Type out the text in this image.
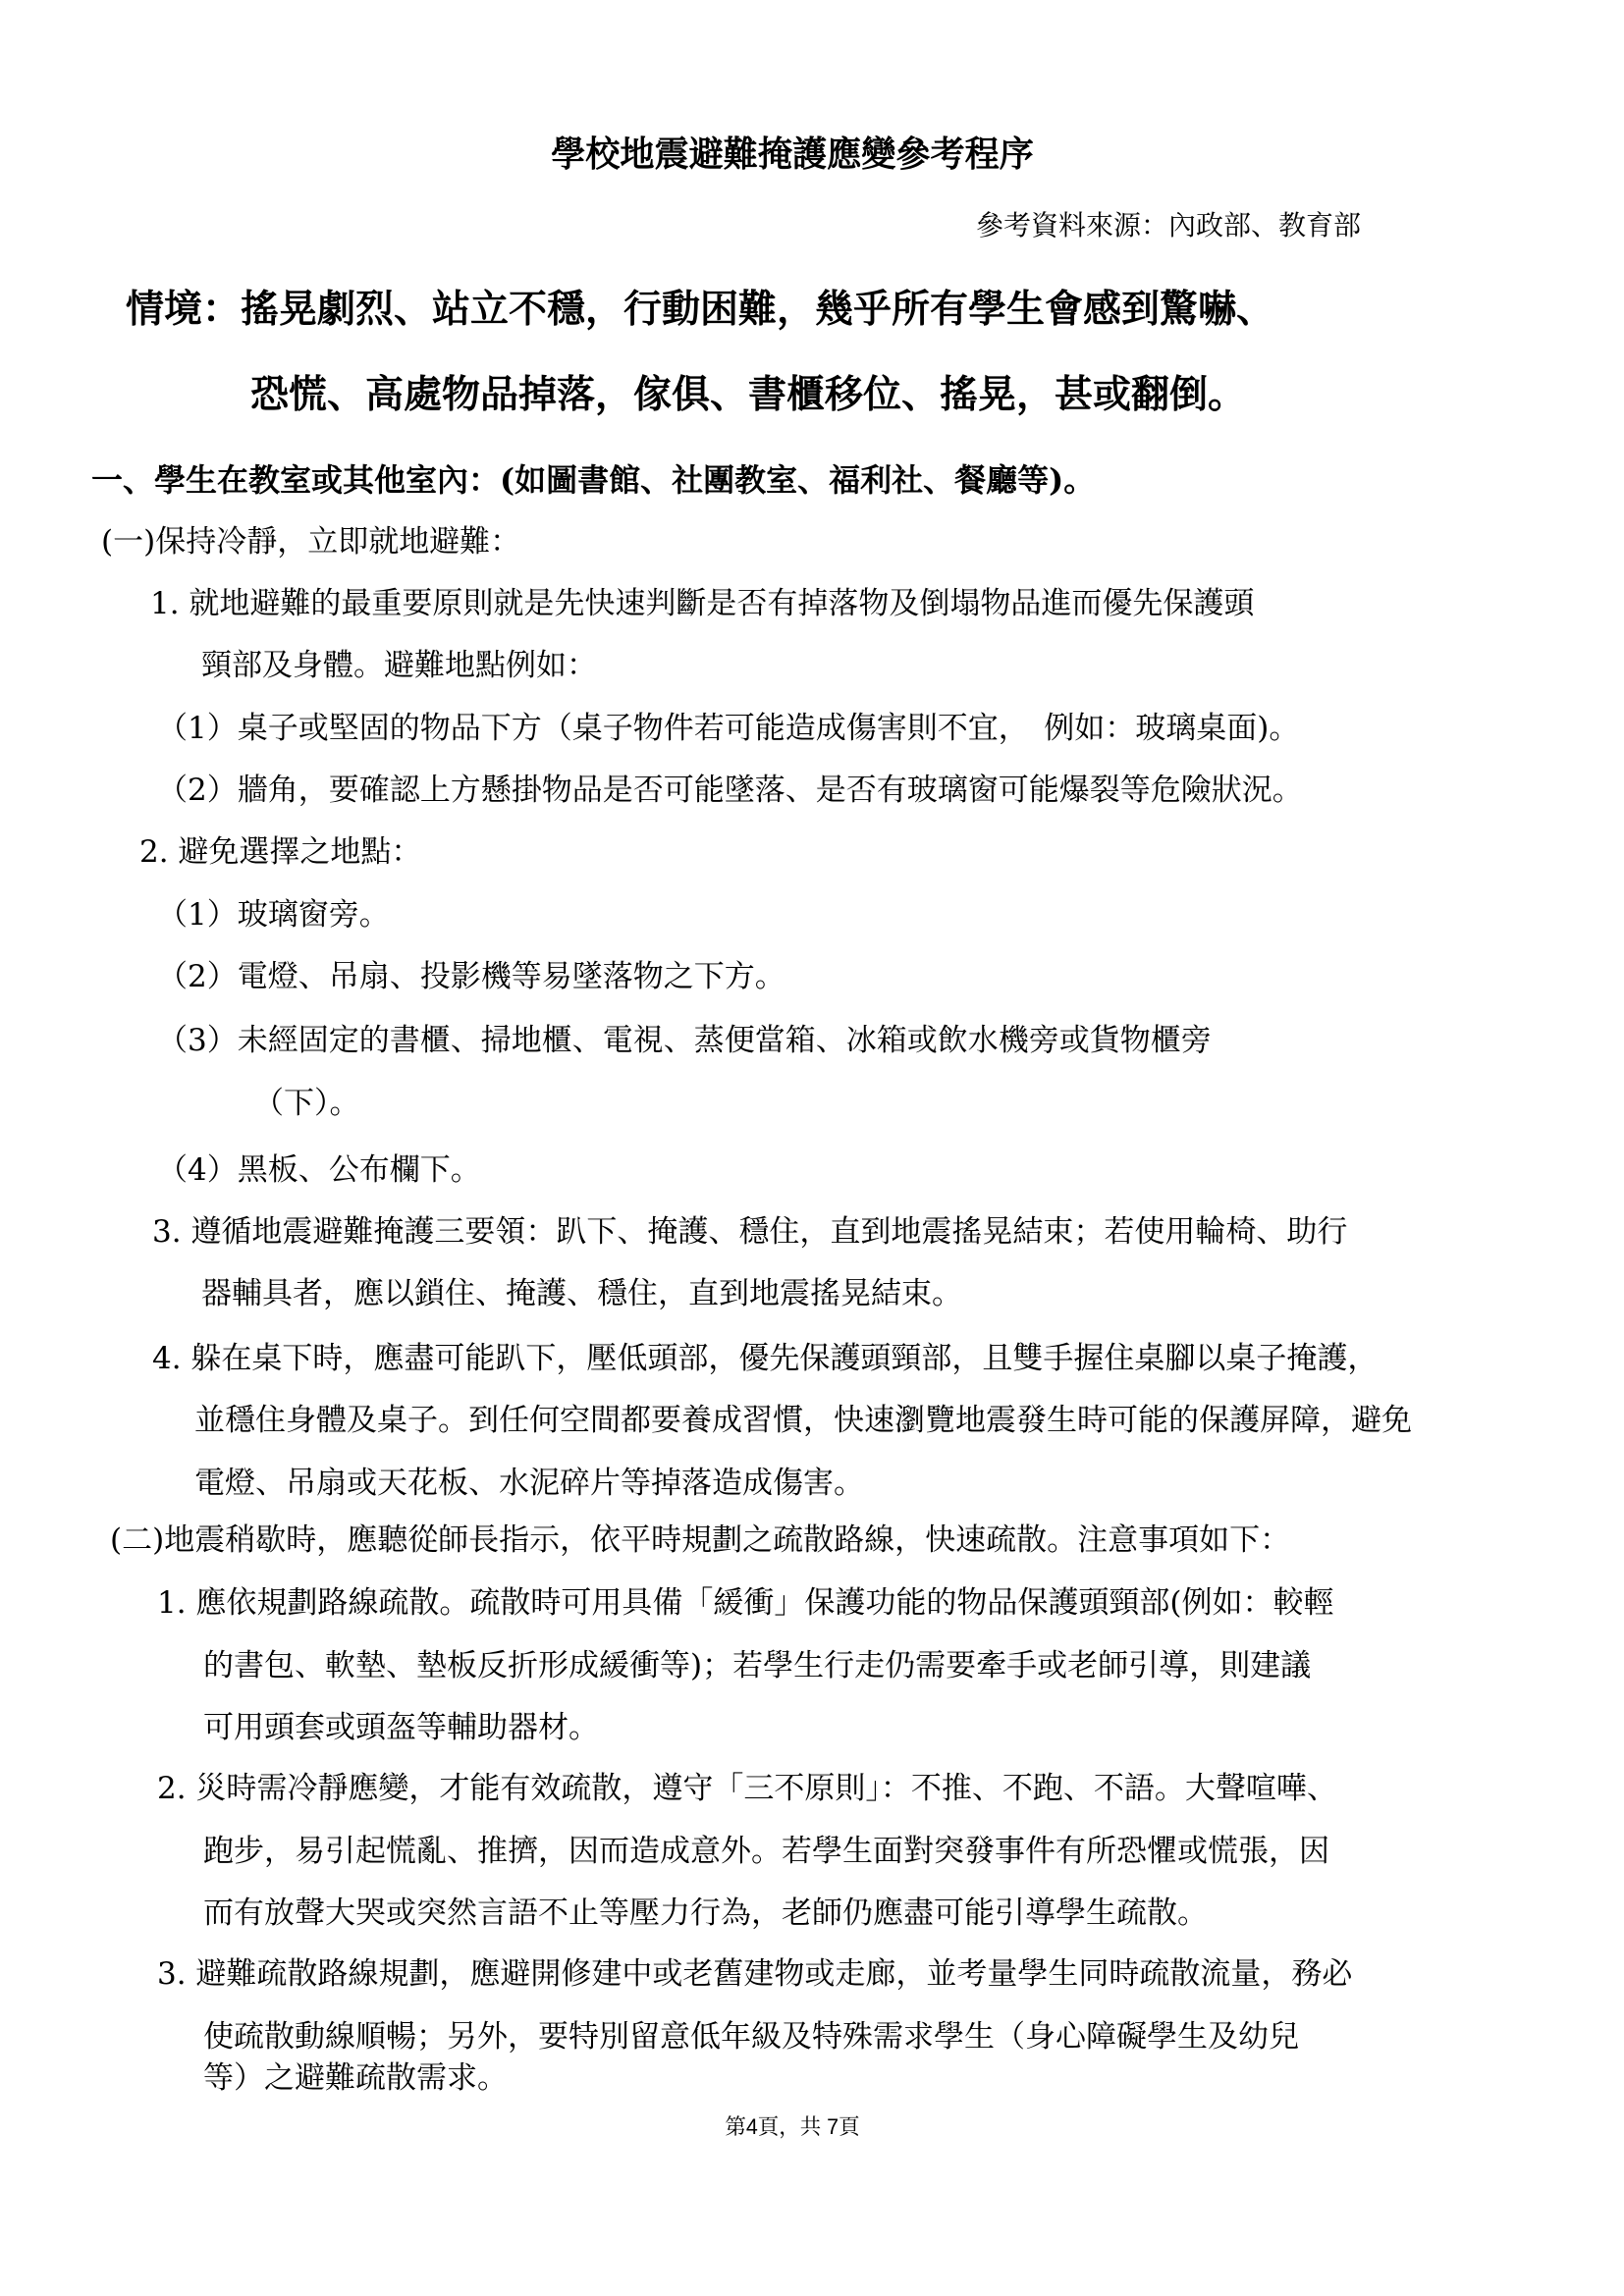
學校地震避難掩護應變參考程序
參考資料來源：內政部、教育部
情境：搖晃劇烈、站立不穩，行動困難，幾乎所有學生會感到驚嚇、
恐慌、高處物品掉落，傢俱、書櫃移位、搖晃，甚或翻倒。
一、學生在教室或其他室內：(如圖書館、社團教室、福利社、餐廳等)。
(一)保持冷靜，立即就地避難：
1. 就地避難的最重要原則就是先快速判斷是否有掉落物及倒塌物品進而優先保護頭
頸部及身體。避難地點例如：
（1）桌子或堅固的物品下方（桌子物件若可能造成傷害則不宜，　例如：玻璃桌面)。
（2）牆角，要確認上方懸掛物品是否可能墜落、是否有玻璃窗可能爆裂等危險狀況。
2. 避免選擇之地點：
（1）玻璃窗旁。
（2）電燈、吊扇、投影機等易墜落物之下方。
（3）未經固定的書櫃、掃地櫃、電視、蒸便當箱、冰箱或飲水機旁或貨物櫃旁
（下）。
（4）黑板、公布欄下。
3. 遵循地震避難掩護三要領：趴下、掩護、穩住，直到地震搖晃結束；若使用輪椅、助行
器輔具者，應以鎖住、掩護、穩住，直到地震搖晃結束。
4. 躲在桌下時，應盡可能趴下，壓低頭部，優先保護頭頸部，且雙手握住桌腳以桌子掩護，
並穩住身體及桌子。到任何空間都要養成習慣，快速瀏覽地震發生時可能的保護屏障，避免
電燈、吊扇或天花板、水泥碎片等掉落造成傷害。
(二)地震稍歇時，應聽從師長指示，依平時規劃之疏散路線，快速疏散。注意事項如下：
1. 應依規劃路線疏散。疏散時可用具備「緩衝」保護功能的物品保護頭頸部(例如：較輕
的書包、軟墊、墊板反折形成緩衝等)；若學生行走仍需要牽手或老師引導，則建議
可用頭套或頭盔等輔助器材。
2. 災時需冷靜應變，才能有效疏散，遵守「三不原則」：不推、不跑、不語。大聲喧嘩、
跑步，易引起慌亂、推擠，因而造成意外。若學生面對突發事件有所恐懼或慌張，因
而有放聲大哭或突然言語不止等壓力行為，老師仍應盡可能引導學生疏散。
3. 避難疏散路線規劃，應避開修建中或老舊建物或走廊，並考量學生同時疏散流量，務必
使疏散動線順暢；另外，要特別留意低年級及特殊需求學生（身心障礙學生及幼兒
等）之避難疏散需求。
第4頁，共 7頁
